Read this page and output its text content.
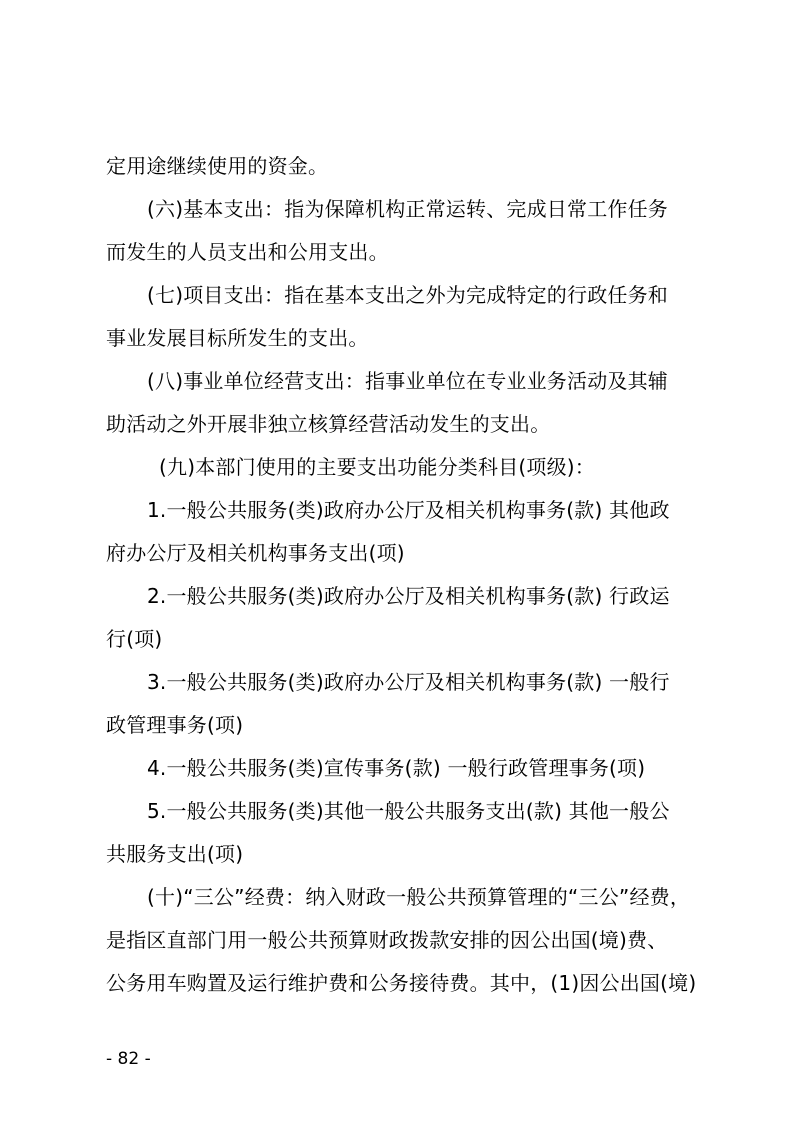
定用途继续使用的资金。
(六)基本支出：指为保障机构正常运转、完成日常工作任务
而发生的人员支出和公用支出。
(七)项目支出：指在基本支出之外为完成特定的行政任务和
事业发展目标所发生的支出。
(八)事业单位经营支出：指事业单位在专业业务活动及其辅
助活动之外开展非独立核算经营活动发生的支出。
(九)本部门使用的主要支出功能分类科目(项级)：
1.一般公共服务(类)政府办公厅及相关机构事务(款) 其他政
府办公厅及相关机构事务支出(项)
2.一般公共服务(类)政府办公厅及相关机构事务(款) 行政运
行(项)
3.一般公共服务(类)政府办公厅及相关机构事务(款) 一般行
政管理事务(项)
4.一般公共服务(类)宣传事务(款) 一般行政管理事务(项)
5.一般公共服务(类)其他一般公共服务支出(款) 其他一般公
共服务支出(项)
(十)“三公”经费：纳入财政一般公共预算管理的“三公”经费，
是指区直部门用一般公共预算财政拨款安排的因公出国(境)费、
公务用车购置及运行维护费和公务接待费。其中，(1)因公出国(境)
- 82 -
